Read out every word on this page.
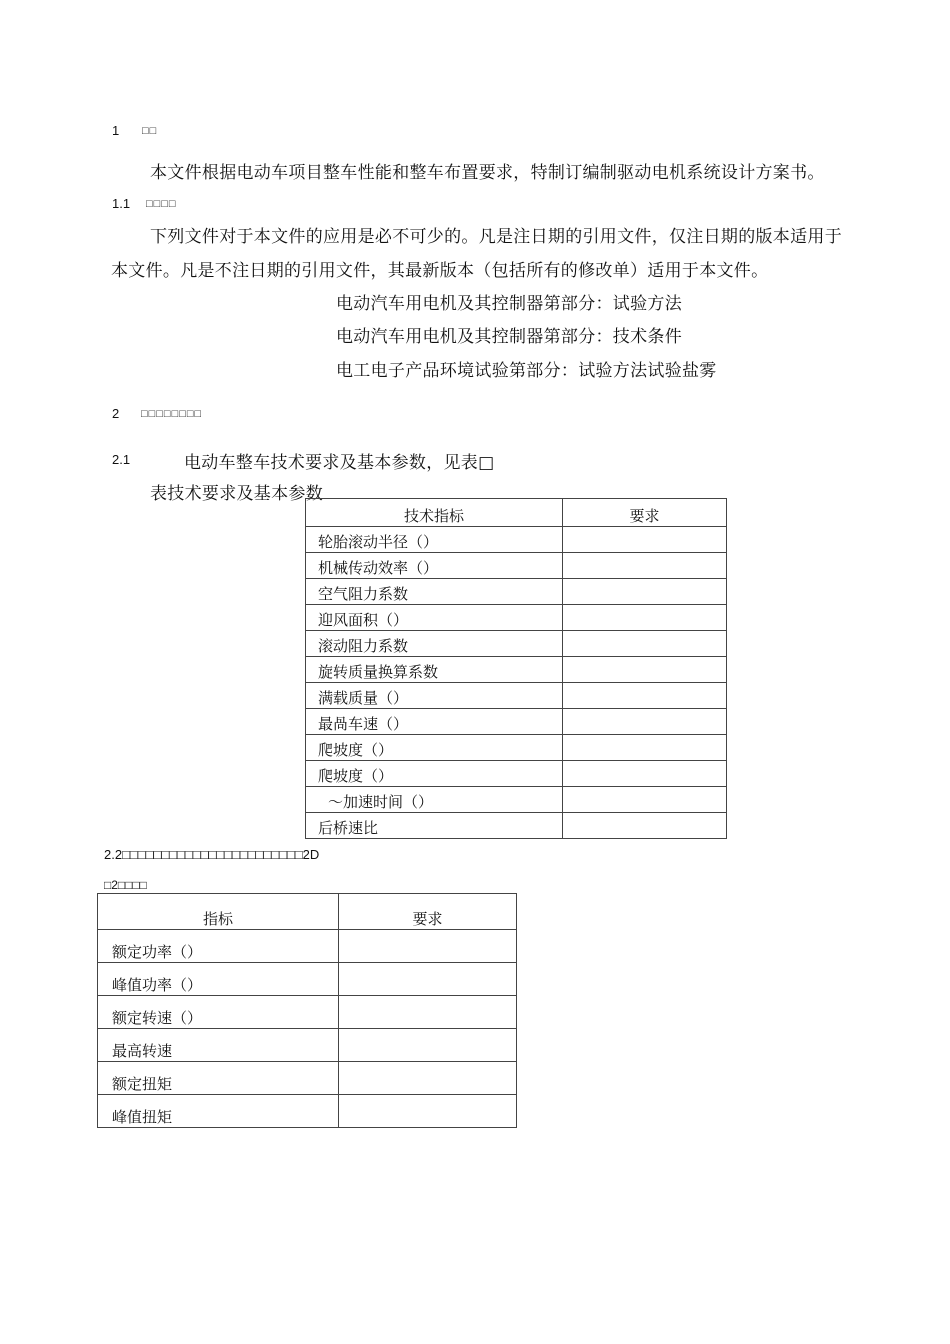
1 □□
本文件根据电动车项目整车性能和整车布置要求，特制订编制驱动电机系统设计方案书。
1.1 □□□□
下列文件对于本文件的应用是必不可少的。凡是注日期的引用文件，仅注日期的版本适用于
本文件。凡是不注日期的引用文件，其最新版本（包括所有的修改单）适用于本文件。
电动汽车用电机及其控制器第部分：试验方法
电动汽车用电机及其控制器第部分：技术条件
电工电子产品环境试验第部分：试验方法试验盐雾
2 □□□□□□□□
2.1	电动车整车技术要求及基本参数，见表□
表技术要求及基本参数
技术指标	要求
轮胎滚动半径（）	
机械传动效率（）	
空气阻力系数	
迎风面积（）	
滚动阻力系数	
旋转质量换算系数	
满载质量（）	
最咼车速（）	
爬坡度（）	
爬坡度（）	
～加速时间（）	
后桥速比	
2.2□□□□□□□□□□□□□□□□□□□□□□□2D
□2□□□□
指标	要求
额定功率（）	
峰值功率（）	
额定转速（）	
最高转速	
额定扭矩	
峰值扭矩	
